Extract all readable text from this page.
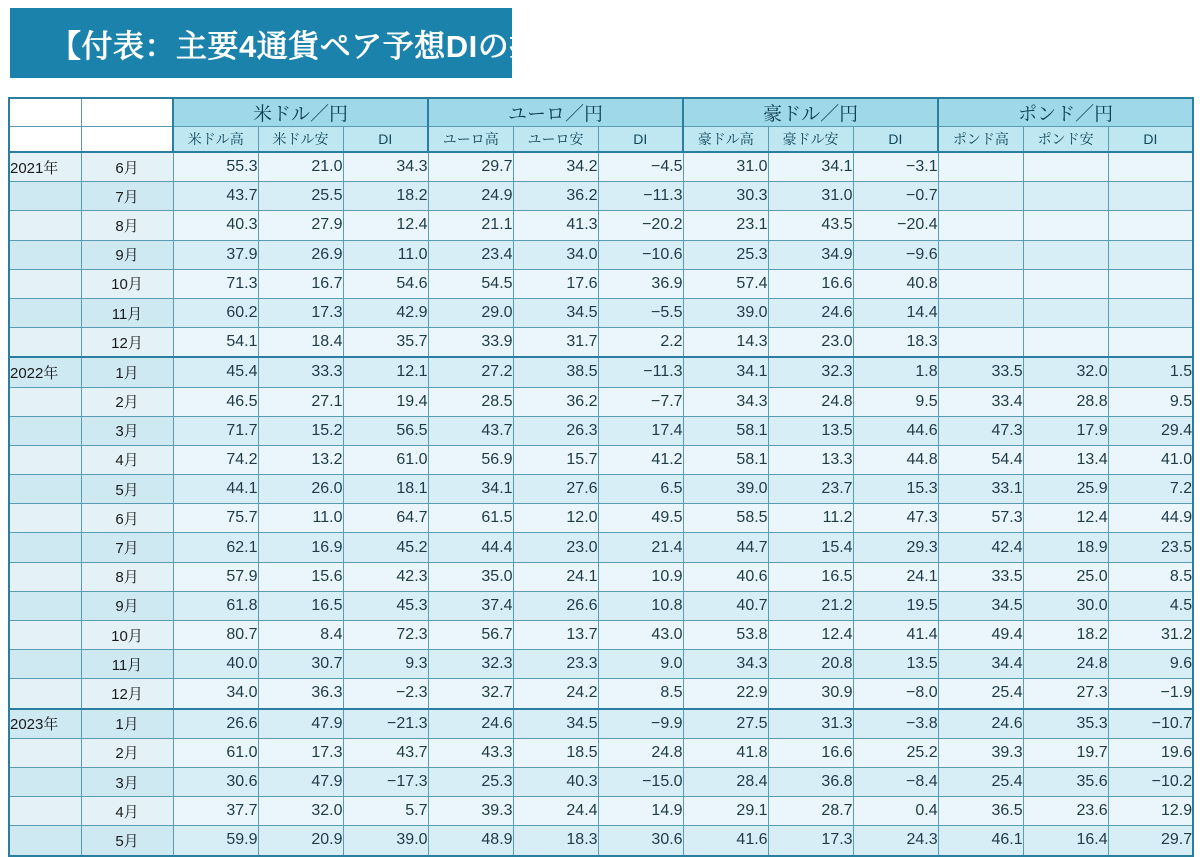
【付表：主要4通貨ペア予想DIの推移】
		米ドル／円			ユーロ／円			豪ドル／円			ポンド／円		
		米ドル高	米ドル安	DI	ユーロ高	ユーロ安	DI	豪ドル高	豪ドル安	DI	ポンド高	ポンド安	DI
2021年	6月	55.3	21.0	34.3	29.7	34.2	−4.5	31.0	34.1	−3.1			
	7月	43.7	25.5	18.2	24.9	36.2	−11.3	30.3	31.0	−0.7			
	8月	40.3	27.9	12.4	21.1	41.3	−20.2	23.1	43.5	−20.4			
	9月	37.9	26.9	11.0	23.4	34.0	−10.6	25.3	34.9	−9.6			
	10月	71.3	16.7	54.6	54.5	17.6	36.9	57.4	16.6	40.8			
	11月	60.2	17.3	42.9	29.0	34.5	−5.5	39.0	24.6	14.4			
	12月	54.1	18.4	35.7	33.9	31.7	2.2	14.3	23.0	18.3			
2022年	1月	45.4	33.3	12.1	27.2	38.5	−11.3	34.1	32.3	1.8	33.5	32.0	1.5
	2月	46.5	27.1	19.4	28.5	36.2	−7.7	34.3	24.8	9.5	33.4	28.8	9.5
	3月	71.7	15.2	56.5	43.7	26.3	17.4	58.1	13.5	44.6	47.3	17.9	29.4
	4月	74.2	13.2	61.0	56.9	15.7	41.2	58.1	13.3	44.8	54.4	13.4	41.0
	5月	44.1	26.0	18.1	34.1	27.6	6.5	39.0	23.7	15.3	33.1	25.9	7.2
	6月	75.7	11.0	64.7	61.5	12.0	49.5	58.5	11.2	47.3	57.3	12.4	44.9
	7月	62.1	16.9	45.2	44.4	23.0	21.4	44.7	15.4	29.3	42.4	18.9	23.5
	8月	57.9	15.6	42.3	35.0	24.1	10.9	40.6	16.5	24.1	33.5	25.0	8.5
	9月	61.8	16.5	45.3	37.4	26.6	10.8	40.7	21.2	19.5	34.5	30.0	4.5
	10月	80.7	8.4	72.3	56.7	13.7	43.0	53.8	12.4	41.4	49.4	18.2	31.2
	11月	40.0	30.7	9.3	32.3	23.3	9.0	34.3	20.8	13.5	34.4	24.8	9.6
	12月	34.0	36.3	−2.3	32.7	24.2	8.5	22.9	30.9	−8.0	25.4	27.3	−1.9
2023年	1月	26.6	47.9	−21.3	24.6	34.5	−9.9	27.5	31.3	−3.8	24.6	35.3	−10.7
	2月	61.0	17.3	43.7	43.3	18.5	24.8	41.8	16.6	25.2	39.3	19.7	19.6
	3月	30.6	47.9	−17.3	25.3	40.3	−15.0	28.4	36.8	−8.4	25.4	35.6	−10.2
	4月	37.7	32.0	5.7	39.3	24.4	14.9	29.1	28.7	0.4	36.5	23.6	12.9
	5月	59.9	20.9	39.0	48.9	18.3	30.6	41.6	17.3	24.3	46.1	16.4	29.7
